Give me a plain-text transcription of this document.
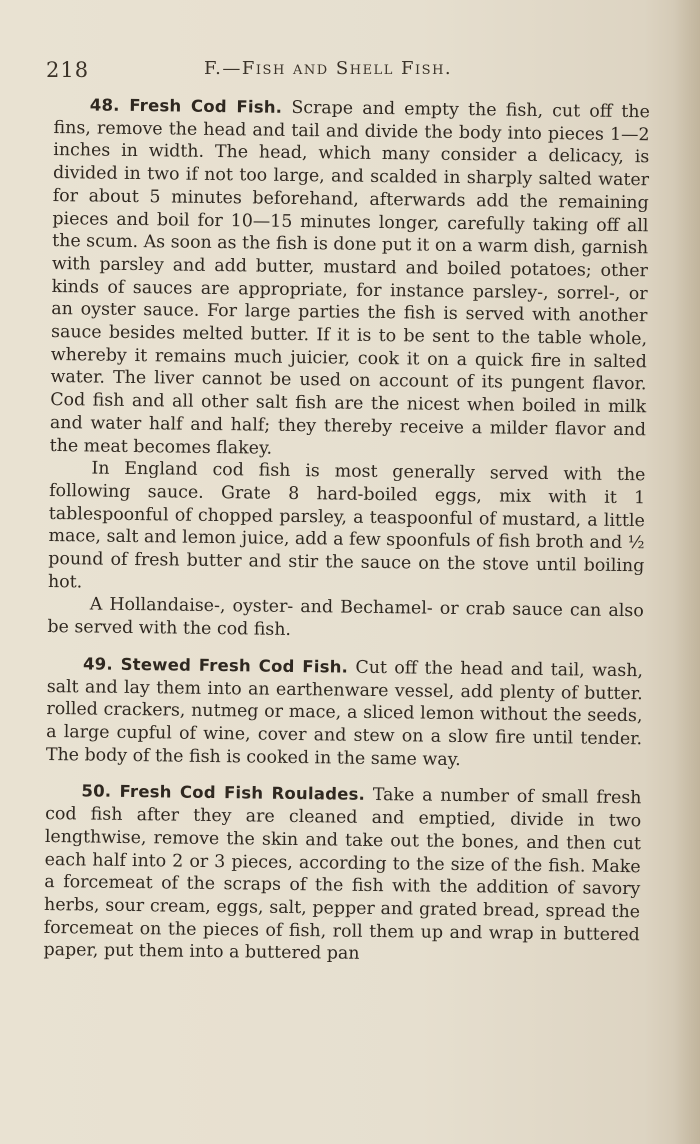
218	F.—Fish and Shell Fish.

48. Fresh Cod Fish. Scrape and empty the fish, cut off the fins, remove the head and tail and divide the body into pieces 1—2 inches in width. The head, which many consider a delicacy, is divided in two if not too large, and scalded in sharply salted water for about 5 minutes beforehand, afterwards add the remaining pieces and boil for 10—15 minutes longer, carefully taking off all the scum. As soon as the fish is done put it on a warm dish, garnish with parsley and add butter, mustard and boiled potatoes; other kinds of sauces are appropriate, for instance parsley-, sorrel-, or an oyster sauce. For large parties the fish is served with another sauce besides melted butter. If it is to be sent to the table whole, whereby it remains much juicier, cook it on a quick fire in salted water. The liver cannot be used on account of its pungent flavor. Cod fish and all other salt fish are the nicest when boiled in milk and water half and half; they thereby receive a milder flavor and the meat becomes flakey.

In England cod fish is most generally served with the following sauce. Grate 8 hard-boiled eggs, mix with it 1 tablespoonful of chopped parsley, a teaspoonful of mustard, a little mace, salt and lemon juice, add a few spoonfuls of fish broth and ½ pound of fresh butter and stir the sauce on the stove until boiling hot.

A Hollandaise-, oyster- and Bechamel- or crab sauce can also be served with the cod fish.

49. Stewed Fresh Cod Fish. Cut off the head and tail, wash, salt and lay them into an earthenware vessel, add plenty of butter. rolled crackers, nutmeg or mace, a sliced lemon without the seeds, a large cupful of wine, cover and stew on a slow fire until tender. The body of the fish is cooked in the same way.

50. Fresh Cod Fish Roulades. Take a number of small fresh cod fish after they are cleaned and emptied, divide in two lengthwise, remove the skin and take out the bones, and then cut each half into 2 or 3 pieces, according to the size of the fish. Make a forcemeat of the scraps of the fish with the addition of savory herbs, sour cream, eggs, salt, pepper and grated bread, spread the forcemeat on the pieces of fish, roll them up and wrap in buttered paper, put them into a buttered pan
